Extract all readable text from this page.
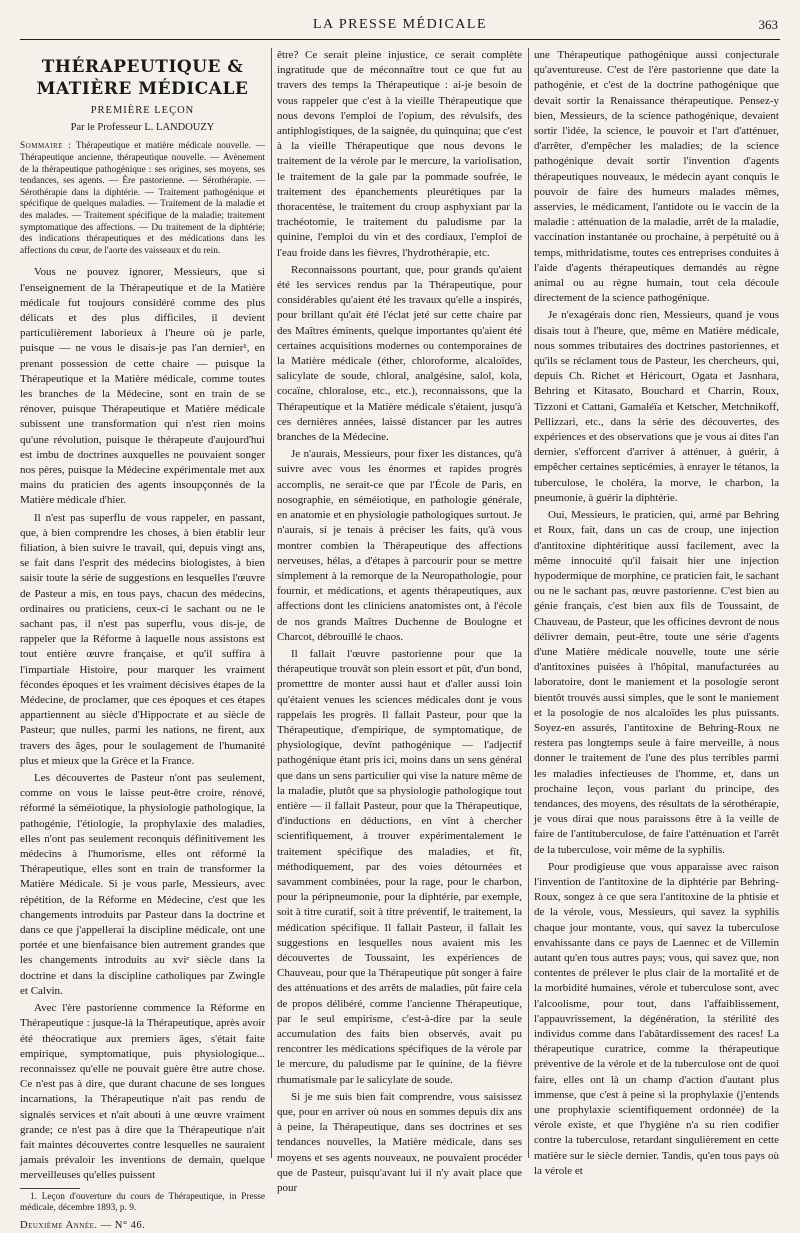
LA PRESSE MÉDICALE	363
THÉRAPEUTIQUE & MATIÈRE MÉDICALE
PREMIÈRE LEÇON
Par le Professeur L. LANDOUZY
Sommaire : Thérapeutique et matière médicale nouvelle. — Thérapeutique ancienne, thérapeutique nouvelle. — Avènement de la thérapeutique pathogénique : ses origines, ses moyens, ses tendances, ses agents. — Ère pastorienne. — Sérothérapie. — Sérothérapie dans la diphtérie. — Traitement pathogénique et spécifique de quelques maladies. — Traitement de la maladie et des malades. — Traitement spécifique de la maladie; traitement symptomatique des affections. — Du traitement de la diphtérie; des indications thérapeutiques et des médications dans les affections du cœur, de l'aorte des vaisseaux et du rein.

Vous ne pouvez ignorer, Messieurs, que si l'enseignement de la Thérapeutique et de la Matière médicale fut toujours considéré comme des plus délicats et des plus difficiles, il devient particulièrement laborieux à l'heure où je parle, puisque — ne vous le disais-je pas l'an dernier¹, en prenant possession de cette chaire — puisque la Thérapeutique et la Matière médicale, comme toutes les branches de la Médecine, sont en train de se rénover, puisque Thérapeutique et Matière médicale subissent une transformation qui n'est rien moins qu'une révolution, puisque le thérapeute d'aujourd'hui est imbu de doctrines auxquelles ne pouvaient songer nos pères, puisque la Médecine expérimentale met aux mains du praticien des agents insoupçonnés de la Matière médicale d'hier.

Il n'est pas superflu de vous rappeler, en passant, que, à bien comprendre les choses, à bien établir leur filiation, à bien suivre le travail, qui, depuis vingt ans, se fait dans l'esprit des médecins biologistes, à bien saisir toute la série de suggestions en lesquelles l'œuvre de Pasteur a mis, en tous pays, chacun des médecins, ordinaires ou praticiens, ceux-ci le sachant ou ne le sachant pas, il n'est pas superflu, vous dis-je, de rappeler que la Réforme à laquelle nous assistons est tout entière œuvre française, et qu'il suffira à l'impartiale Histoire, pour marquer les vraiment fécondes époques et les vraiment décisives étapes de la Médecine, de proclamer, que ces époques et ces étapes appartiennent au siècle d'Hippocrate et au siècle de Pasteur; que nulles, parmi les nations, ne firent, aux travers des âges, pour le soulagement de l'humanité plus et mieux que la Grèce et la France.

Les découvertes de Pasteur n'ont pas seulement, comme on vous le laisse peut-être croire, rénové, réformé la séméiotique, la physiologie pathologique, la pathogénie, l'étiologie, la prophylaxie des maladies, elles n'ont pas seulement reconquis définitivement les médecins à l'humorisme, elles ont réformé la Thérapeutique, elles sont en train de transformer la Matière Médicale. Si je vous parle, Messieurs, avec répétition, de la Réforme en Médecine, c'est que les changements introduits par Pasteur dans la doctrine et dans ce que j'appellerai la discipline médicale, ont une portée et une bienfaisance bien autrement grandes que les changements introduits au xviᵉ siècle dans la doctrine et dans la discipline catholiques par Zwingle et Calvin.

Avec l'ère pastorienne commence la Réforme en Thérapeutique : jusque-là la Thérapeutique, après avoir été théocratique aux premiers âges, s'était faite empirique, symptomatique, puis physiologique... reconnaissez qu'elle ne pouvait guère être autre chose. Ce n'est pas à dire, que durant chacune de ses longues incarnations, la Thérapeutique n'ait pas rendu de signalés services et n'ait abouti à une œuvre vraiment grande; ce n'est pas à dire que la Thérapeutique n'ait fait maintes découvertes contre lesquelles ne sauraient jamais prévaloir les inventions de demain, quelque merveilleuses qu'elles puissent

1. Leçon d'ouverture du cours de Thérapeutique, in Presse médicale, décembre 1893, p. 9.
Deuxième Année. — N° 46.

être? Ce serait pleine injustice, ce serait complète ingratitude que de méconnaître tout ce que fut au travers des temps la Thérapeutique : ai-je besoin de vous rappeler que c'est à la vieille Thérapeutique que nous devons l'emploi de l'opium, des révulsifs, des antiphlogistiques, de la saignée, du quinquina; que c'est à la vieille Thérapeutique que nous devons le traitement de la vérole par le mercure, la variolisation, le traitement de la gale par la pommade soufrée, le traitement des épanchements pleurétiques par la thoracentèse, le traitement du croup asphyxiant par la trachéotomie, le traitement du paludisme par la quinine, l'emploi du vin et des cordiaux, l'emploi de l'eau froide dans les fièvres, l'hydrothérapie, etc.

Reconnaissons pourtant, que, pour grands qu'aient été les services rendus par la Thérapeutique, pour considérables qu'aient été les travaux qu'elle a inspirés, pour brillant qu'ait été l'éclat jeté sur cette chaire par des Maîtres éminents, quelque importantes qu'aient été certaines acquisitions modernes ou contemporaines de la Matière médicale (éther, chloroforme, alcaloïdes, salicylate de soude, chloral, analgésine, salol, kola, cocaïne, chloralose, etc., etc.), reconnaissons, que la Thérapeutique et la Matière médicale s'étaient, jusqu'à ces dernières années, laissé distancer par les autres branches de la Médecine.

Je n'aurais, Messieurs, pour fixer les distances, qu'à suivre avec vous les énormes et rapides progrès accomplis, ne serait-ce que par l'École de Paris, en nosographie, en séméiotique, en pathologie générale, en anatomie et en physiologie pathologiques surtout. Je n'aurais, si je tenais à préciser les faits, qu'à vous montrer combien la Thérapeutique des affections nerveuses, hélas, a d'étapes à parcourir pour se mettre simplement à la remorque de la Neuropathologie, pour fournir, et médications, et agents thérapeutiques, aux affections dont les cliniciens anatomistes ont, à l'école de nos grands Maîtres Duchenne de Boulogne et Charcot, débrouillé le chaos.

Il fallait l'œuvre pastorienne pour que la thérapeutique trouvât son plein essort et pût, d'un bond, prometttre de monter aussi haut et d'aller aussi loin qu'étaient venues les sciences médicales dont je vous rappelais les progrès. Il fallait Pasteur, pour que la Thérapeutique, d'empirique, de symptomatique, de physiologique, devînt pathogénique — l'adjectif pathogénique étant pris ici, moins dans un sens général que dans un sens particulier qui vise la nature même de la maladie, plutôt que sa physiologie pathologique tout entière — il fallait Pasteur, pour que la Thérapeutique, d'inductions en déductions, en vînt à chercher scientifiquement, à trouver expérimentalement le traitement spécifique des maladies, et fît, méthodiquement, par des voies détournées et savamment combinées, pour la rage, pour le charbon, pour la péripneumonie, pour la diphtérie, par exemple, soit à titre curatif, soit à titre préventif, le traitement, la médication spécifique. Il fallait Pasteur, il fallait les suggestions en lesquelles nous avaient mis les découvertes de Toussaint, les expériences de Chauveau, pour que la Thérapeutique pût songer à faire des atténuations et des arrêts de maladies, pût faire cela de propos délibéré, comme l'ancienne Thérapeutique, par le seul empirisme, c'est-à-dire par la seule accumulation des faits bien observés, avait pu rencontrer les médications spécifiques de la vérole par le mercure, du paludisme par le quinine, de la fièvre rhumatismale par le salicylate de soude.

Si je me suis bien fait comprendre, vous saisissez que, pour en arriver où nous en sommes depuis dix ans à peine, la Thérapeutique, dans ses doctrines et ses tendances nouvelles, la Matière médicale, dans ses moyens et ses agents nouveaux, ne pouvaient procéder que de Pasteur, puisqu'avant lui il n'y avait place que pour

une Thérapeutique pathogénique aussi conjecturale qu'aventureuse. C'est de l'ère pastorienne que date la pathogénie, et c'est de la doctrine pathogénique que devait sortir la Renaissance thérapeutique. Pensez-y bien, Messieurs, de la science pathogénique, devaient sortir l'idée, la science, le pouvoir et l'art d'atténuer, d'arrêter, d'empêcher les maladies; de la science pathogénique devait sortir l'invention d'agents thérapeutiques nouveaux, le médecin ayant conquis le pouvoir de faire des humeurs malades mêmes, asservies, le médicament, l'antidote ou le vaccin de la maladie : atténuation de la maladie, arrêt de la maladie, vaccination instantanée ou prochaine, à perpétuité ou à temps, mithridatisme, toutes ces entreprises conduites à l'aide d'agents thérapeutiques demandés au règne animal ou au règne humain, tout cela découle directement de la science pathogénique.

Je n'exagérais donc rien, Messieurs, quand je vous disais tout à l'heure, que, même en Matière médicale, nous sommes tributaires des doctrines pastoriennes, et qu'ils se réclament tous de Pasteur, les chercheurs, qui, depuis Ch. Richet et Héricourt, Ogata et Jasnhara, Behring et Kitasato, Bouchard et Charrin, Roux, Tizzoni et Cattani, Gamaléïa et Ketscher, Metchnikoff, Pellizzari, etc., dans la série des découvertes, des expériences et des observations que je vous ai dites l'an dernier, s'efforcent d'arriver à atténuer, à guérir, à empêcher certaines septicémies, à enrayer le tétanos, la tuberculose, le choléra, la morve, le charbon, la pneumonie, à guérir la diphtérie.

Oui, Messieurs, le praticien, qui, armé par Behring et Roux, fait, dans un cas de croup, une injection d'antitoxine diphtéritique aussi facilement, avec la même innocuité qu'il faisait hier une injection hypodermique de morphine, ce praticien fait, le sachant ou ne le sachant pas, œuvre pastorienne. C'est bien au génie français, c'est bien aux fils de Toussaint, de Chauveau, de Pasteur, que les officines devront de nous délivrer demain, peut-être, toute une série d'agents d'une Matière médicale nouvelle, toute une série d'antitoxines puisées à l'hôpital, manufacturées au laboratoire, dont le maniement et la posologie seront bientôt trouvés aussi simples, que le sont le maniement et la posologie de nos alcaloïdes les plus puissants. Soyez-en assurés, l'antitoxine de Behring-Roux ne restera pas longtemps seule à faire merveille, à nous donner le traitement de l'une des plus terribles parmi les maladies infectieuses de l'homme, et, dans un prochaine leçon, vous parlant du principe, des tendances, des moyens, des résultats de la sérothérapie, je vous dirai que nous paraissons être à la veille de faire de l'antituberculose, de faire l'atténuation et l'arrêt de la tuberculose, voir même de la syphilis.

Pour prodigieuse que vous apparaisse avec raison l'invention de l'antitoxine de la diphtérie par Behring-Roux, songez à ce que sera l'antitoxine de la phtisie et de la vérole, vous, Messieurs, qui savez la syphilis chaque jour montante, vous, qui savez la tuberculose envahissante dans ce pays de Laennec et de Villemin autant qu'en tous autres pays; vous, qui savez que, non contentes de prélever le plus clair de la mortalité et de la morbidité humaines, vérole et tuberculose sont, avec l'alcoolisme, pour tout, dans l'affaiblissement, l'appauvrissement, la dégénération, la stérilité des individus comme dans l'abâtardissement des races! La thérapeutique curatrice, comme la thérapeutique préventive de la vérole et de la tuberculose ont de quoi faire, elles ont là un champ d'action d'autant plus immense, que c'est à peine si la prophylaxie (j'entends une prophylaxie scientifiquement ordonnée) de la vérole existe, et que l'hygiène n'a su rien codifier contre la tuberculose, retardant singulièrement en cette matière sur le siècle dernier. Tandis, qu'en tous pays où la vérole et
